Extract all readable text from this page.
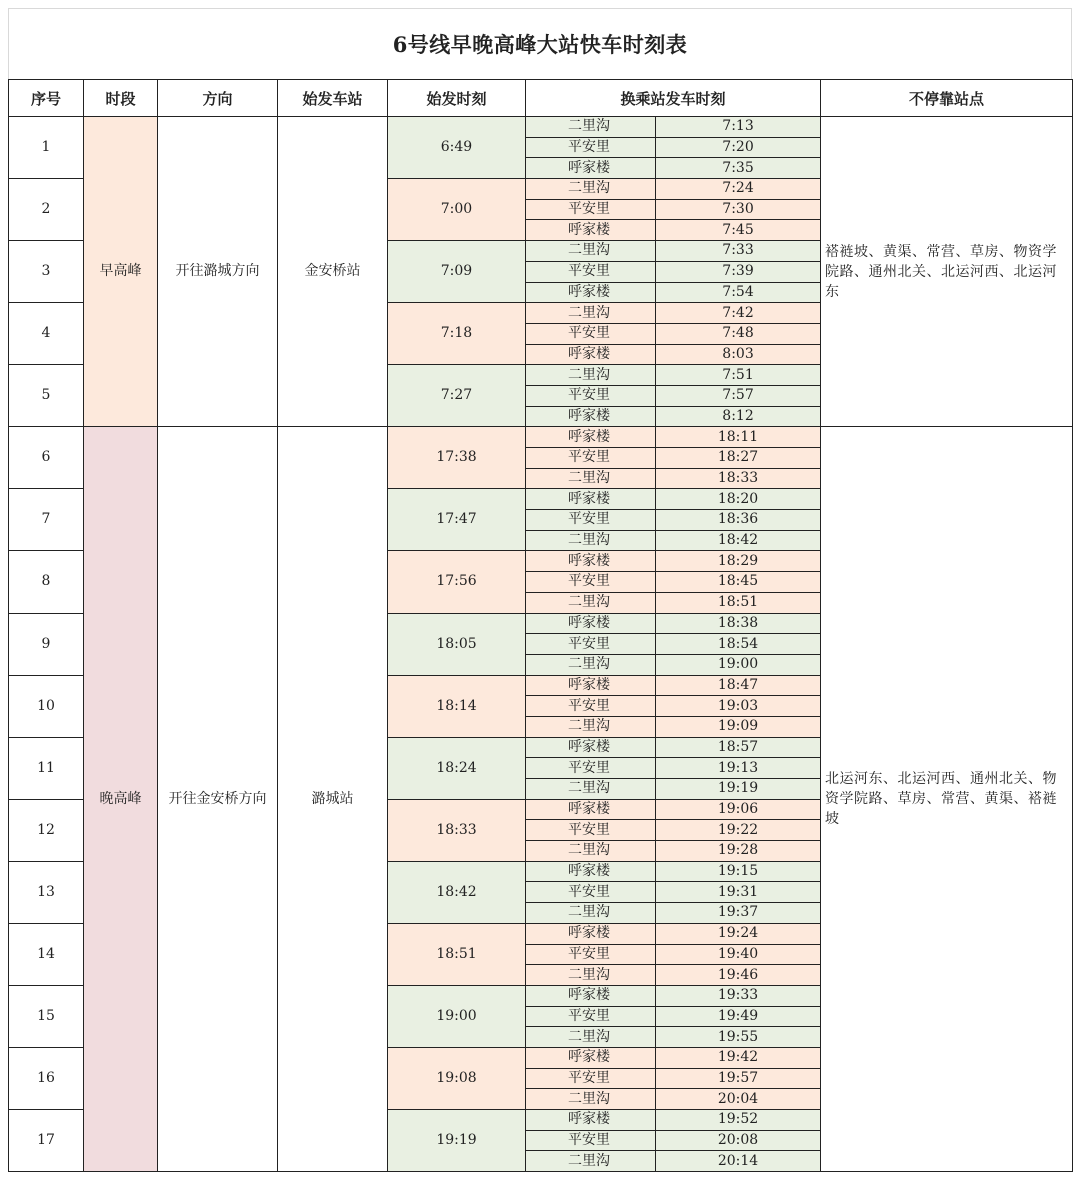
6号线早晚高峰大站快车时刻表
序号	时段	方向	始发车站	始发时刻	换乘站发车时刻		不停靠站点
1	早高峰	开往潞城方向	金安桥站	6:49	二里沟	7:13	褡裢坡、黄渠、常营、草房、物资学院路、通州北关、北运河西、北运河东
					平安里	7:20	
					呼家楼	7:35	
2				7:00	二里沟	7:24	
					平安里	7:30	
					呼家楼	7:45	
3				7:09	二里沟	7:33	
					平安里	7:39	
					呼家楼	7:54	
4				7:18	二里沟	7:42	
					平安里	7:48	
					呼家楼	8:03	
5				7:27	二里沟	7:51	
					平安里	7:57	
					呼家楼	8:12	
6	晚高峰	开往金安桥方向	潞城站	17:38	呼家楼	18:11	北运河东、北运河西、通州北关、物资学院路、草房、常营、黄渠、褡裢坡
					平安里	18:27	
					二里沟	18:33	
7				17:47	呼家楼	18:20	
					平安里	18:36	
					二里沟	18:42	
8				17:56	呼家楼	18:29	
					平安里	18:45	
					二里沟	18:51	
9				18:05	呼家楼	18:38	
					平安里	18:54	
					二里沟	19:00	
10				18:14	呼家楼	18:47	
					平安里	19:03	
					二里沟	19:09	
11				18:24	呼家楼	18:57	
					平安里	19:13	
					二里沟	19:19	
12				18:33	呼家楼	19:06	
					平安里	19:22	
					二里沟	19:28	
13				18:42	呼家楼	19:15	
					平安里	19:31	
					二里沟	19:37	
14				18:51	呼家楼	19:24	
					平安里	19:40	
					二里沟	19:46	
15				19:00	呼家楼	19:33	
					平安里	19:49	
					二里沟	19:55	
16				19:08	呼家楼	19:42	
					平安里	19:57	
					二里沟	20:04	
17				19:19	呼家楼	19:52	
					平安里	20:08	
					二里沟	20:14	
